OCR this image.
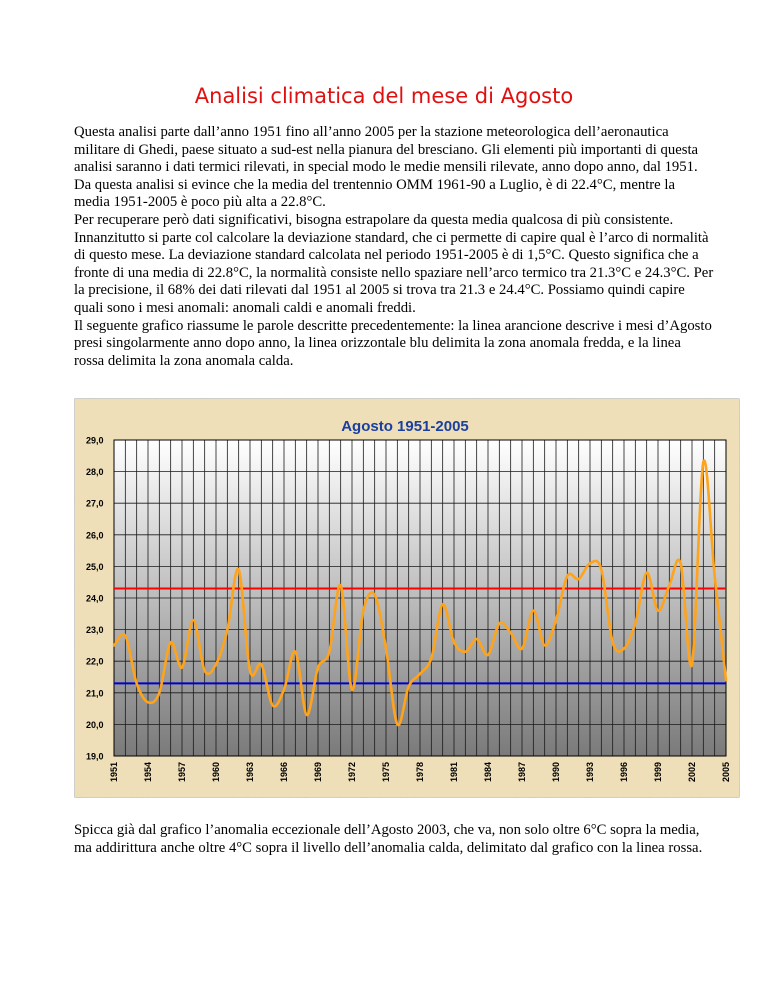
Analisi climatica del mese di Agosto

Questa analisi parte dall’anno 1951 fino all’anno 2005 per la stazione meteorologica dell’aeronautica militare di Ghedi, paese situato a sud-est nella pianura del bresciano. Gli elementi più importanti di questa analisi saranno i dati termici rilevati, in special modo le medie mensili rilevate, anno dopo anno, dal 1951.

Da questa analisi si evince che la media del trentennio OMM 1961-90 a Luglio, è di 22.4°C, mentre la media 1951-2005 è poco più alta a 22.8°C.

Per recuperare però dati significativi, bisogna estrapolare da questa media qualcosa di più consistente. Innanzitutto si parte col calcolare la deviazione standard, che ci permette di capire qual è l’arco di normalità di questo mese. La deviazione standard calcolata nel periodo 1951-2005 è di 1,5°C. Questo significa che a fronte di una media di 22.8°C, la normalità consiste nello spaziare nell’arco termico tra 21.3°C e 24.3°C. Per la precisione, il 68% dei dati rilevati dal 1951 al 2005 si trova tra 21.3 e 24.4°C. Possiamo quindi capire quali sono i mesi anomali: anomali caldi e anomali freddi.

Il seguente grafico riassume le parole descritte precedentemente: la linea arancione descrive i mesi d’Agosto presi singolarmente anno dopo anno, la linea orizzontale blu delimita la zona anomala fredda, e la linea rossa delimita la zona anomala calda.

Agosto 1951-2005
19,0
20,0
21,0
22,0
23,0
24,0
25,0
26,0
27,0
28,0
29,0
1951	1954	1957	1960	1963	1966	1969	1972	1975	1978	1981	1984	1987	1990	1993	1996	1999	2002	2005

Spicca già dal grafico l’anomalia eccezionale dell’Agosto 2003, che va, non solo oltre 6°C sopra la media, ma addirittura anche oltre 4°C sopra il livello dell’anomalia calda, delimitato dal grafico con la linea rossa.
